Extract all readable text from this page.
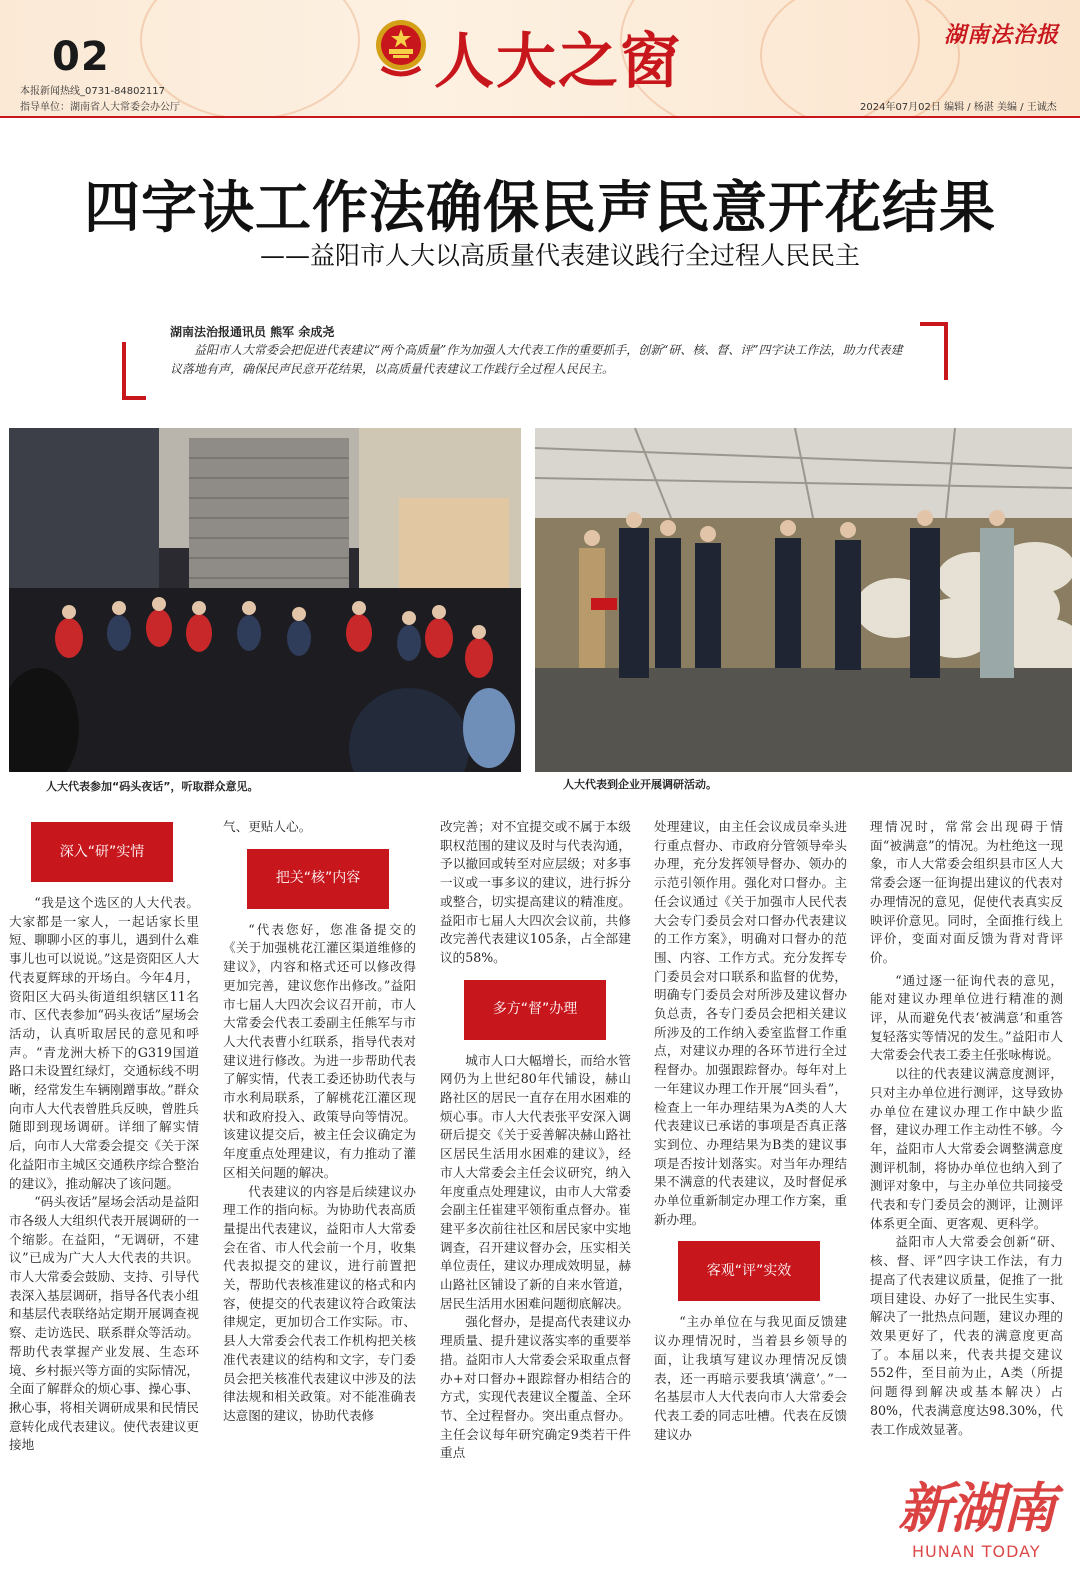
02
本报新闻热线_0731-84802117
指导单位：湖南省人大常委会办公厅
人大之窗	湖南法治报
2024年07月02日 编辑 / 杨湛 美编 / 王诚杰
四字诀工作法确保民声民意开花结果
——益阳市人大以高质量代表建议践行全过程人民民主
湖南法治报通讯员 熊军 余成尧
益阳市人大常委会把促进代表建议“两个高质量”作为加强人大代表工作的重要抓手，创新“研、核、督、评”四字诀工作法，助力代表建议落地有声，确保民声民意开花结果，以高质量代表建议工作践行全过程人民民主。
人大代表参加“码头夜话”，听取群众意见。	人大代表到企业开展调研活动。
深入“研”实情

“我是这个选区的人大代表。大家都是一家人，一起话家长里短、聊聊小区的事儿，遇到什么难事儿也可以说说。”这是资阳区人大代表夏辉球的开场白。今年4月，资阳区大码头街道组织辖区11名市、区代表参加“码头夜话”屋场会活动，认真听取居民的意见和呼声。“青龙洲大桥下的G319国道路口未设置红绿灯，交通标线不明晰，经常发生车辆刚蹭事故。”群众向市人大代表曾胜兵反映，曾胜兵随即到现场调研。详细了解实情后，向市人大常委会提交《关于深化益阳市主城区交通秩序综合整治的建议》，推动解决了该问题。

“码头夜话”屋场会活动是益阳市各级人大组织代表开展调研的一个缩影。在益阳，“无调研，不建议”已成为广大人大代表的共识。市人大常委会鼓励、支持、引导代表深入基层调研，指导各代表小组和基层代表联络站定期开展调查视察、走访选民、联系群众等活动。帮助代表掌握产业发展、生态环境、乡村振兴等方面的实际情况，全面了解群众的烦心事、操心事、揪心事，将相关调研成果和民情民意转化成代表建议。使代表建议更接地

气、更贴人心。

把关“核”内容

“代表您好，您准备提交的《关于加强桃花江灌区渠道维修的建议》，内容和格式还可以修改得更加完善，建议您作出修改。”益阳市七届人大四次会议召开前，市人大常委会代表工委副主任熊军与市人大代表曹小红联系，指导代表对建议进行修改。为进一步帮助代表了解实情，代表工委还协助代表与市水利局联系，了解桃花江灌区现状和政府投入、政策导向等情况。该建议提交后，被主任会议确定为年度重点处理建议，有力推动了灌区相关问题的解决。

代表建议的内容是后续建议办理工作的指向标。为协助代表高质量提出代表建议，益阳市人大常委会在省、市人代会前一个月，收集代表拟提交的建议，进行前置把关，帮助代表核准建议的格式和内容，使提交的代表建议符合政策法律规定，更加切合工作实际。市、县人大常委会代表工作机构把关核准代表建议的结构和文字，专门委员会把关核准代表建议中涉及的法律法规和相关政策。对不能准确表达意图的建议，协助代表修

改完善；对不宜提交或不属于本级职权范围的建议及时与代表沟通，予以撤回或转至对应层级；对多事一议或一事多议的建议，进行拆分或整合，切实提高建议的精准度。益阳市七届人大四次会议前，共修改完善代表建议105条，占全部建议的58%。

多方“督”办理

城市人口大幅增长，而给水管网仍为上世纪80年代铺设，赫山路社区的居民一直存在用水困难的烦心事。市人大代表张平安深入调研后提交《关于妥善解决赫山路社区居民生活用水困难的建议》，经市人大常委会主任会议研究，纳入年度重点处理建议，由市人大常委会副主任崔建平领衔重点督办。崔建平多次前往社区和居民家中实地调查，召开建议督办会，压实相关单位责任，建议办理成效明显，赫山路社区铺设了新的自来水管道，居民生活用水困难问题彻底解决。

强化督办，是提高代表建议办理质量、提升建议落实率的重要举措。益阳市人大常委会采取重点督办+对口督办+跟踪督办相结合的方式，实现代表建议全覆盖、全环节、全过程督办。突出重点督办。主任会议每年研究确定9类若干件重点

处理建议，由主任会议成员牵头进行重点督办、市政府分管领导牵头办理，充分发挥领导督办、领办的示范引领作用。强化对口督办。主任会议通过《关于加强市人民代表大会专门委员会对口督办代表建议的工作方案》，明确对口督办的范围、内容、工作方式。充分发挥专门委员会对口联系和监督的优势，明确专门委员会对所涉及建议督办负总责，各专门委员会把相关建议所涉及的工作纳入委室监督工作重点，对建议办理的各环节进行全过程督办。加强跟踪督办。每年对上一年建议办理工作开展“回头看”，检查上一年办理结果为A类的人大代表建议已承诺的事项是否真正落实到位、办理结果为B类的建议事项是否按计划落实。对当年办理结果不满意的代表建议，及时督促承办单位重新制定办理工作方案，重新办理。

客观“评”实效

“主办单位在与我见面反馈建议办理情况时，当着县乡领导的面，让我填写建议办理情况反馈表，还一再暗示要我填‘满意’。”一名基层市人大代表向市人大常委会代表工委的同志吐槽。代表在反馈建议办

理情况时，常常会出现碍于情面“被满意”的情况。为杜绝这一现象，市人大常委会组织县市区人大常委会逐一征询提出建议的代表对办理情况的意见，促使代表真实反映评价意见。同时，全面推行线上评价，变面对面反馈为背对背评价。

“通过逐一征询代表的意见，能对建议办理单位进行精准的测评，从而避免代表‘被满意’和重答复轻落实等情况的发生。”益阳市人大常委会代表工委主任张咏梅说。

以往的代表建议满意度测评，只对主办单位进行测评，这导致协办单位在建议办理工作中缺少监督，建议办理工作主动性不够。今年，益阳市人大常委会调整满意度测评机制，将协办单位也纳入到了测评对象中，与主办单位共同接受代表和专门委员会的测评，让测评体系更全面、更客观、更科学。

益阳市人大常委会创新“研、核、督、评”四字诀工作法，有力提高了代表建议质量，促推了一批项目建设、办好了一批民生实事、解决了一批热点问题，建议办理的效果更好了，代表的满意度更高了。本届以来，代表共提交建议552件，至目前为止，A类（所提问题得到解决或基本解决）占80%，代表满意度达98.30%，代表工作成效显著。

新湖南
HUNAN TODAY
